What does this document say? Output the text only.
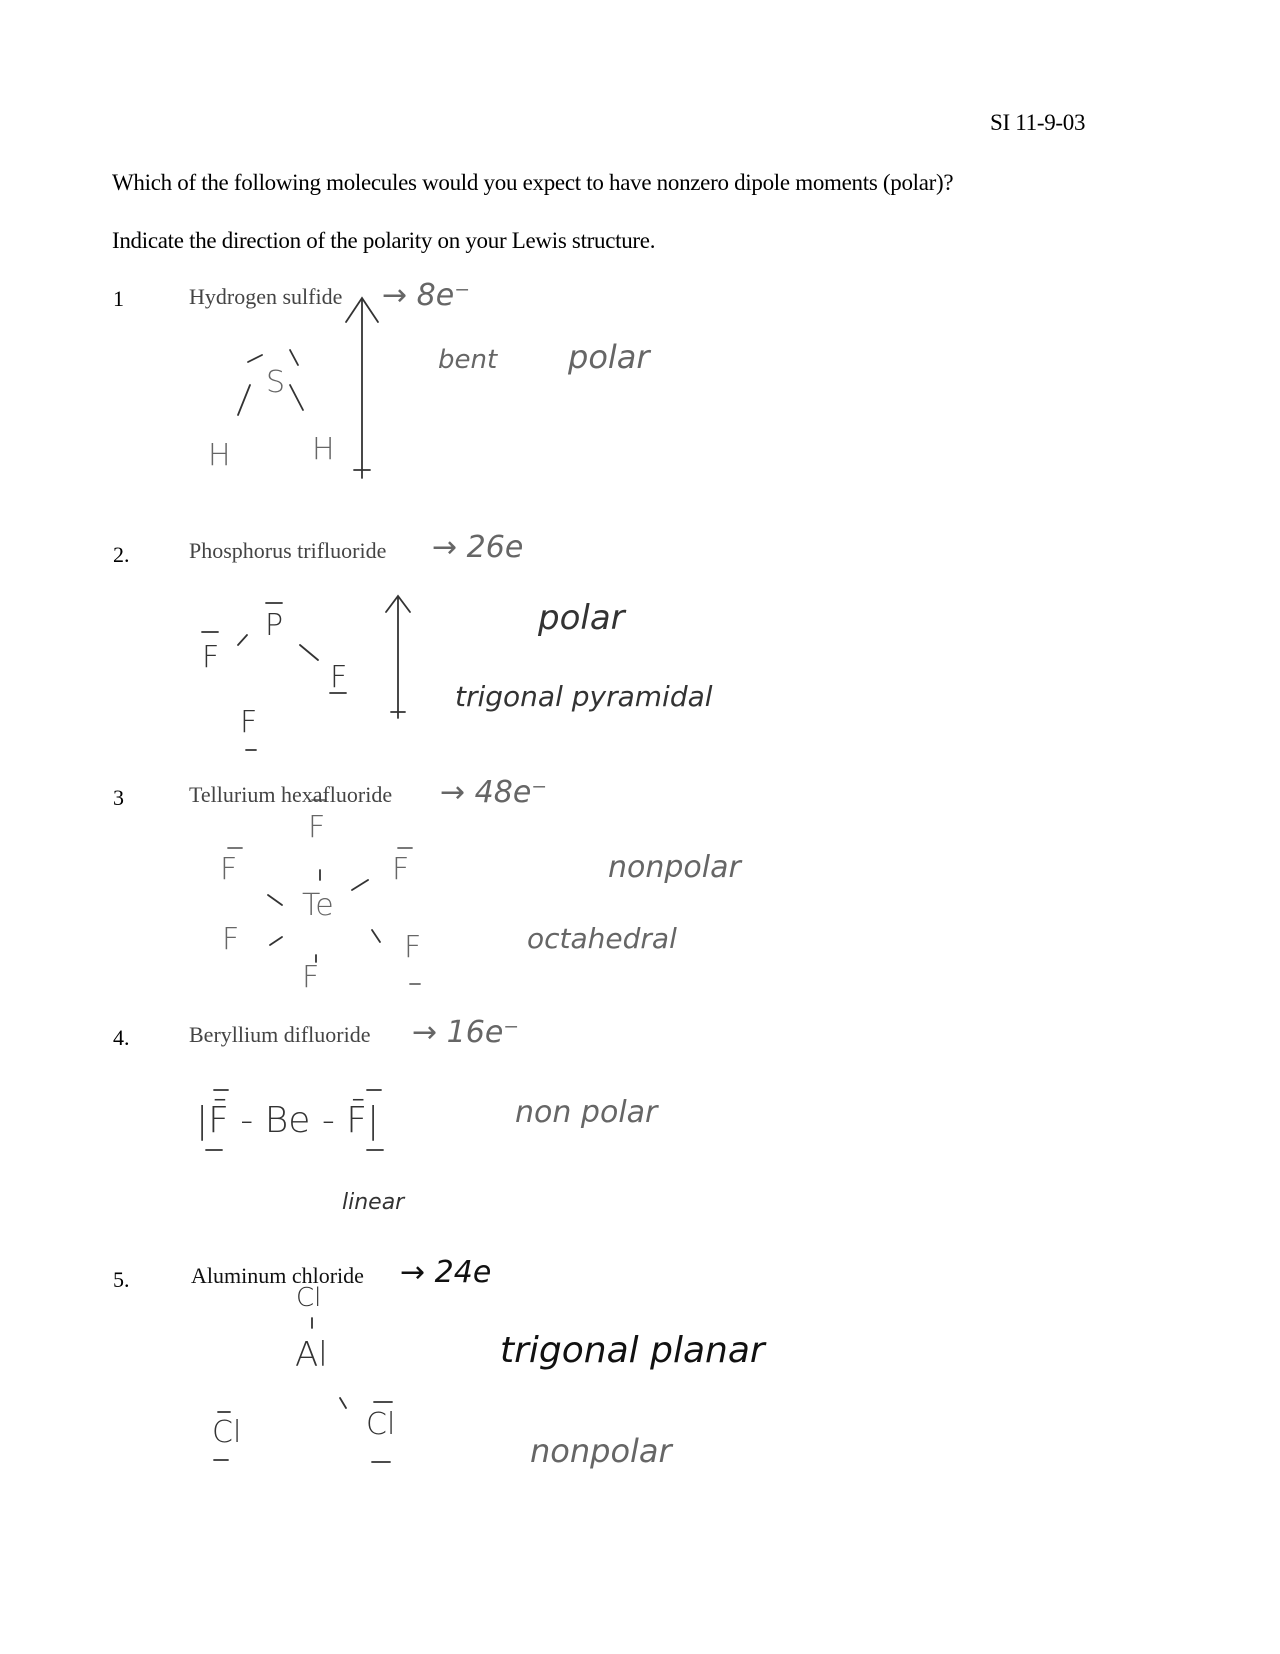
SI 11-9-03
Which of the following molecules would you expect to have nonzero dipole moments (polar)?
Indicate the direction of the polarity on your Lewis structure.
1	Hydrogen sulfide → 8e⁻
bent polar
S
H	H
2.	Phosphorus trifluoride → 26e
polar
trigonal pyramidal
P
F
F
F
3	Tellurium hexafluoride → 48e⁻
nonpolar
octahedral
Te
F
F	F
F	F
F
4.	Beryllium difluoride → 16e⁻
|F̄ - Be - F̄|	non polar
linear
5.	Aluminum chloride → 24e
Cl
Al
Cl	Cl
trigonal planar
nonpolar
